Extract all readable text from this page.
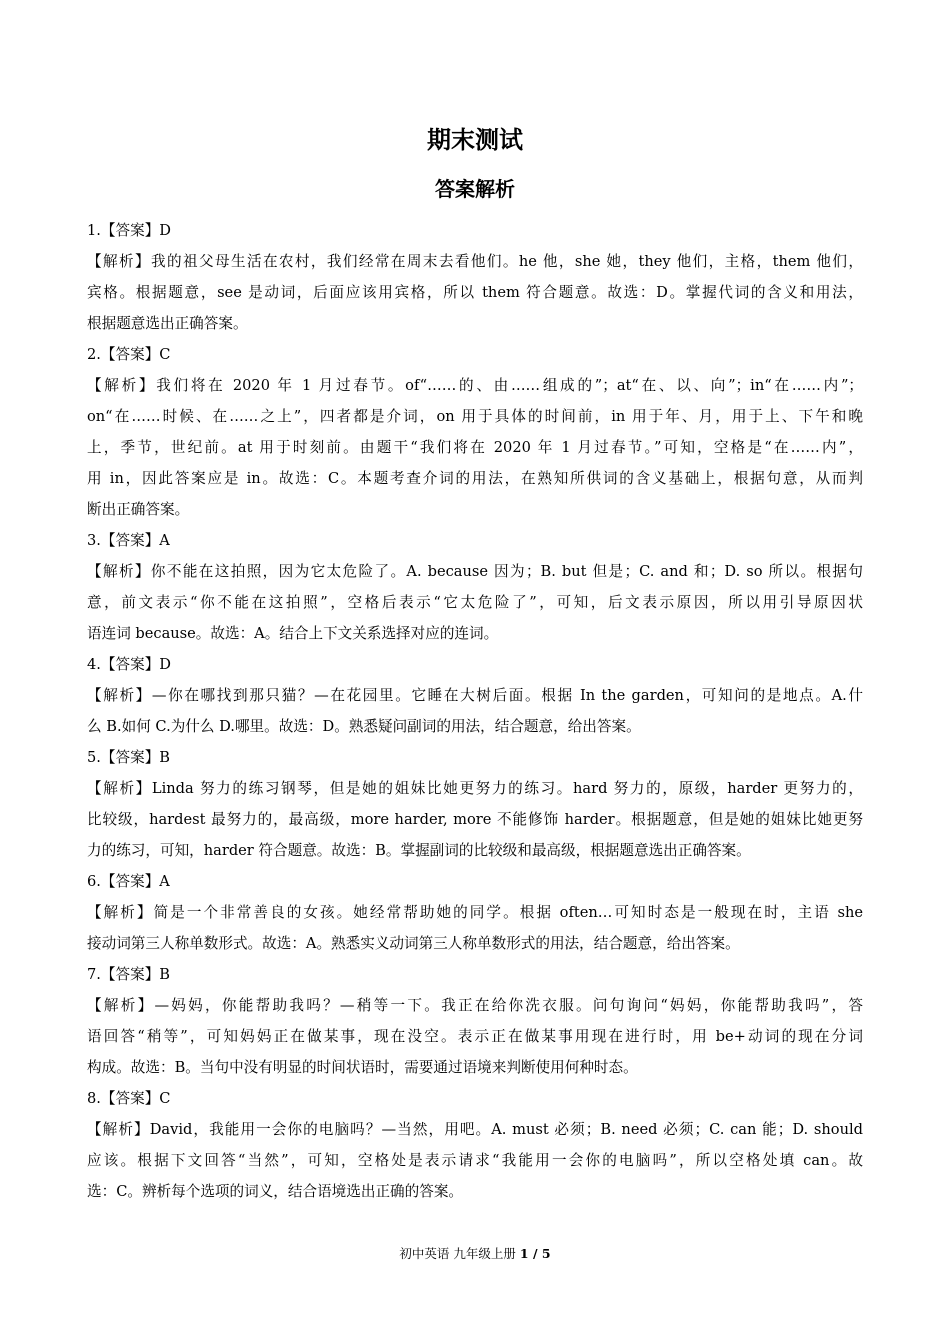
期末测试
答案解析
1.【答案】D
【解析】我的祖父母生活在农村，我们经常在周末去看他们。he 他，she 她，they 他们，主格，them 他们，
宾格。根据题意，see 是动词，后面应该用宾格，所以 them 符合题意。故选：D。掌握代词的含义和用法，
根据题意选出正确答案。
2.【答案】C
【解析】我们将在 2020 年 1 月过春节。of“……的、由……组成的”；at“在、以、向”；in“在……内”；
on“在……时候、在……之上”，四者都是介词，on 用于具体的时间前，in 用于年、月，用于上、下午和晚
上，季节，世纪前。at 用于时刻前。由题干“我们将在 2020 年 1 月过春节。”可知，空格是“在……内”，
用 in，因此答案应是 in。故选：C。本题考查介词的用法，在熟知所供词的含义基础上，根据句意，从而判
断出正确答案。
3.【答案】A
【解析】你不能在这拍照，因为它太危险了。A. because 因为；B. but 但是；C. and 和；D. so 所以。根据句
意，前文表示“你不能在这拍照”，空格后表示“它太危险了”，可知，后文表示原因，所以用引导原因状
语连词 because。故选：A。结合上下文关系选择对应的连词。
4.【答案】D
【解析】—你在哪找到那只猫？—在花园里。它睡在大树后面。根据 In the garden，可知问的是地点。A.什
么 B.如何 C.为什么 D.哪里。故选：D。熟悉疑问副词的用法，结合题意，给出答案。
5.【答案】B
【解析】Linda 努力的练习钢琴，但是她的姐妹比她更努力的练习。hard 努力的，原级，harder 更努力的，
比较级，hardest 最努力的，最高级，more harder, more 不能修饰 harder。根据题意，但是她的姐妹比她更努
力的练习，可知，harder 符合题意。故选：B。掌握副词的比较级和最高级，根据题意选出正确答案。
6.【答案】A
【解析】简是一个非常善良的女孩。她经常帮助她的同学。根据 often…可知时态是一般现在时，主语 she
接动词第三人称单数形式。故选：A。熟悉实义动词第三人称单数形式的用法，结合题意，给出答案。
7.【答案】B
【解析】—妈妈，你能帮助我吗？—稍等一下。我正在给你洗衣服。问句询问“妈妈，你能帮助我吗”，答
语回答“稍等”，可知妈妈正在做某事，现在没空。表示正在做某事用现在进行时，用 be+动词的现在分词
构成。故选：B。当句中没有明显的时间状语时，需要通过语境来判断使用何种时态。
8.【答案】C
【解析】David，我能用一会你的电脑吗？—当然，用吧。A. must 必须；B. need 必须；C. can 能；D. should
应该。根据下文回答“当然”，可知，空格处是表示请求“我能用一会你的电脑吗”，所以空格处填 can。故
选：C。辨析每个选项的词义，结合语境选出正确的答案。
初中英语 九年级上册 1 / 5
